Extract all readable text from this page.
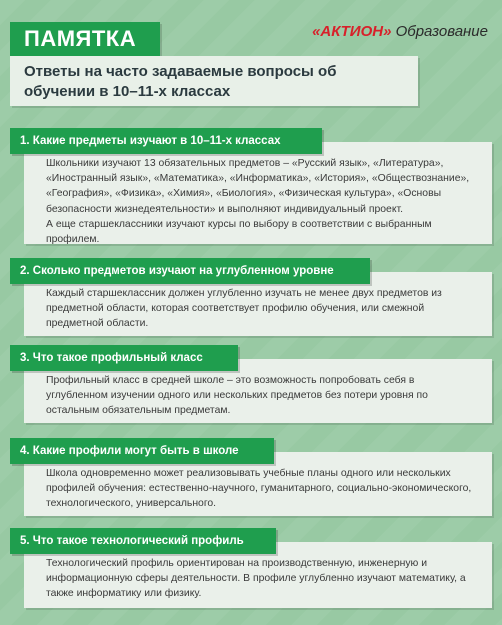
ПАМЯТКА	«АКТИОН» Образование
Ответы на часто задаваемые вопросы об обучении в 10–11-х классах

Школьники изучают 13 обязательных предметов – «Русский язык», «Литература», «Иностранный язык», «Математика», «Информатика», «История», «Обществознание», «География», «Физика», «Химия», «Биология», «Физическая культура», «Основы безопасности жизнедеятельности» и выполняют индивидуальный проект.

А еще старшеклассники изучают курсы по выбору в соответствии с выбранным профилем.

1. Какие предметы изучают в 10–11-х классах

Каждый старшеклассник должен углубленно изучать не менее двух предметов из предметной области, которая соответствует профилю обучения, или смежной предметной области.

2. Сколько предметов изучают на углубленном уровне

Профильный класс в средней школе – это возможность попробовать себя в углубленном изучении одного или нескольких предметов без потери уровня по остальным обязательным предметам.

3. Что такое профильный класс

Школа одновременно может реализовывать учебные планы одного или нескольких профилей обучения: естественно-научного, гуманитарного, социально-экономического, технологического, универсального.

4. Какие профили могут быть в школе

Технологический профиль ориентирован на производственную, инженерную и информационную сферы деятельности. В профиле углубленно изучают математику, а также информатику или физику.

5. Что такое технологический профиль
